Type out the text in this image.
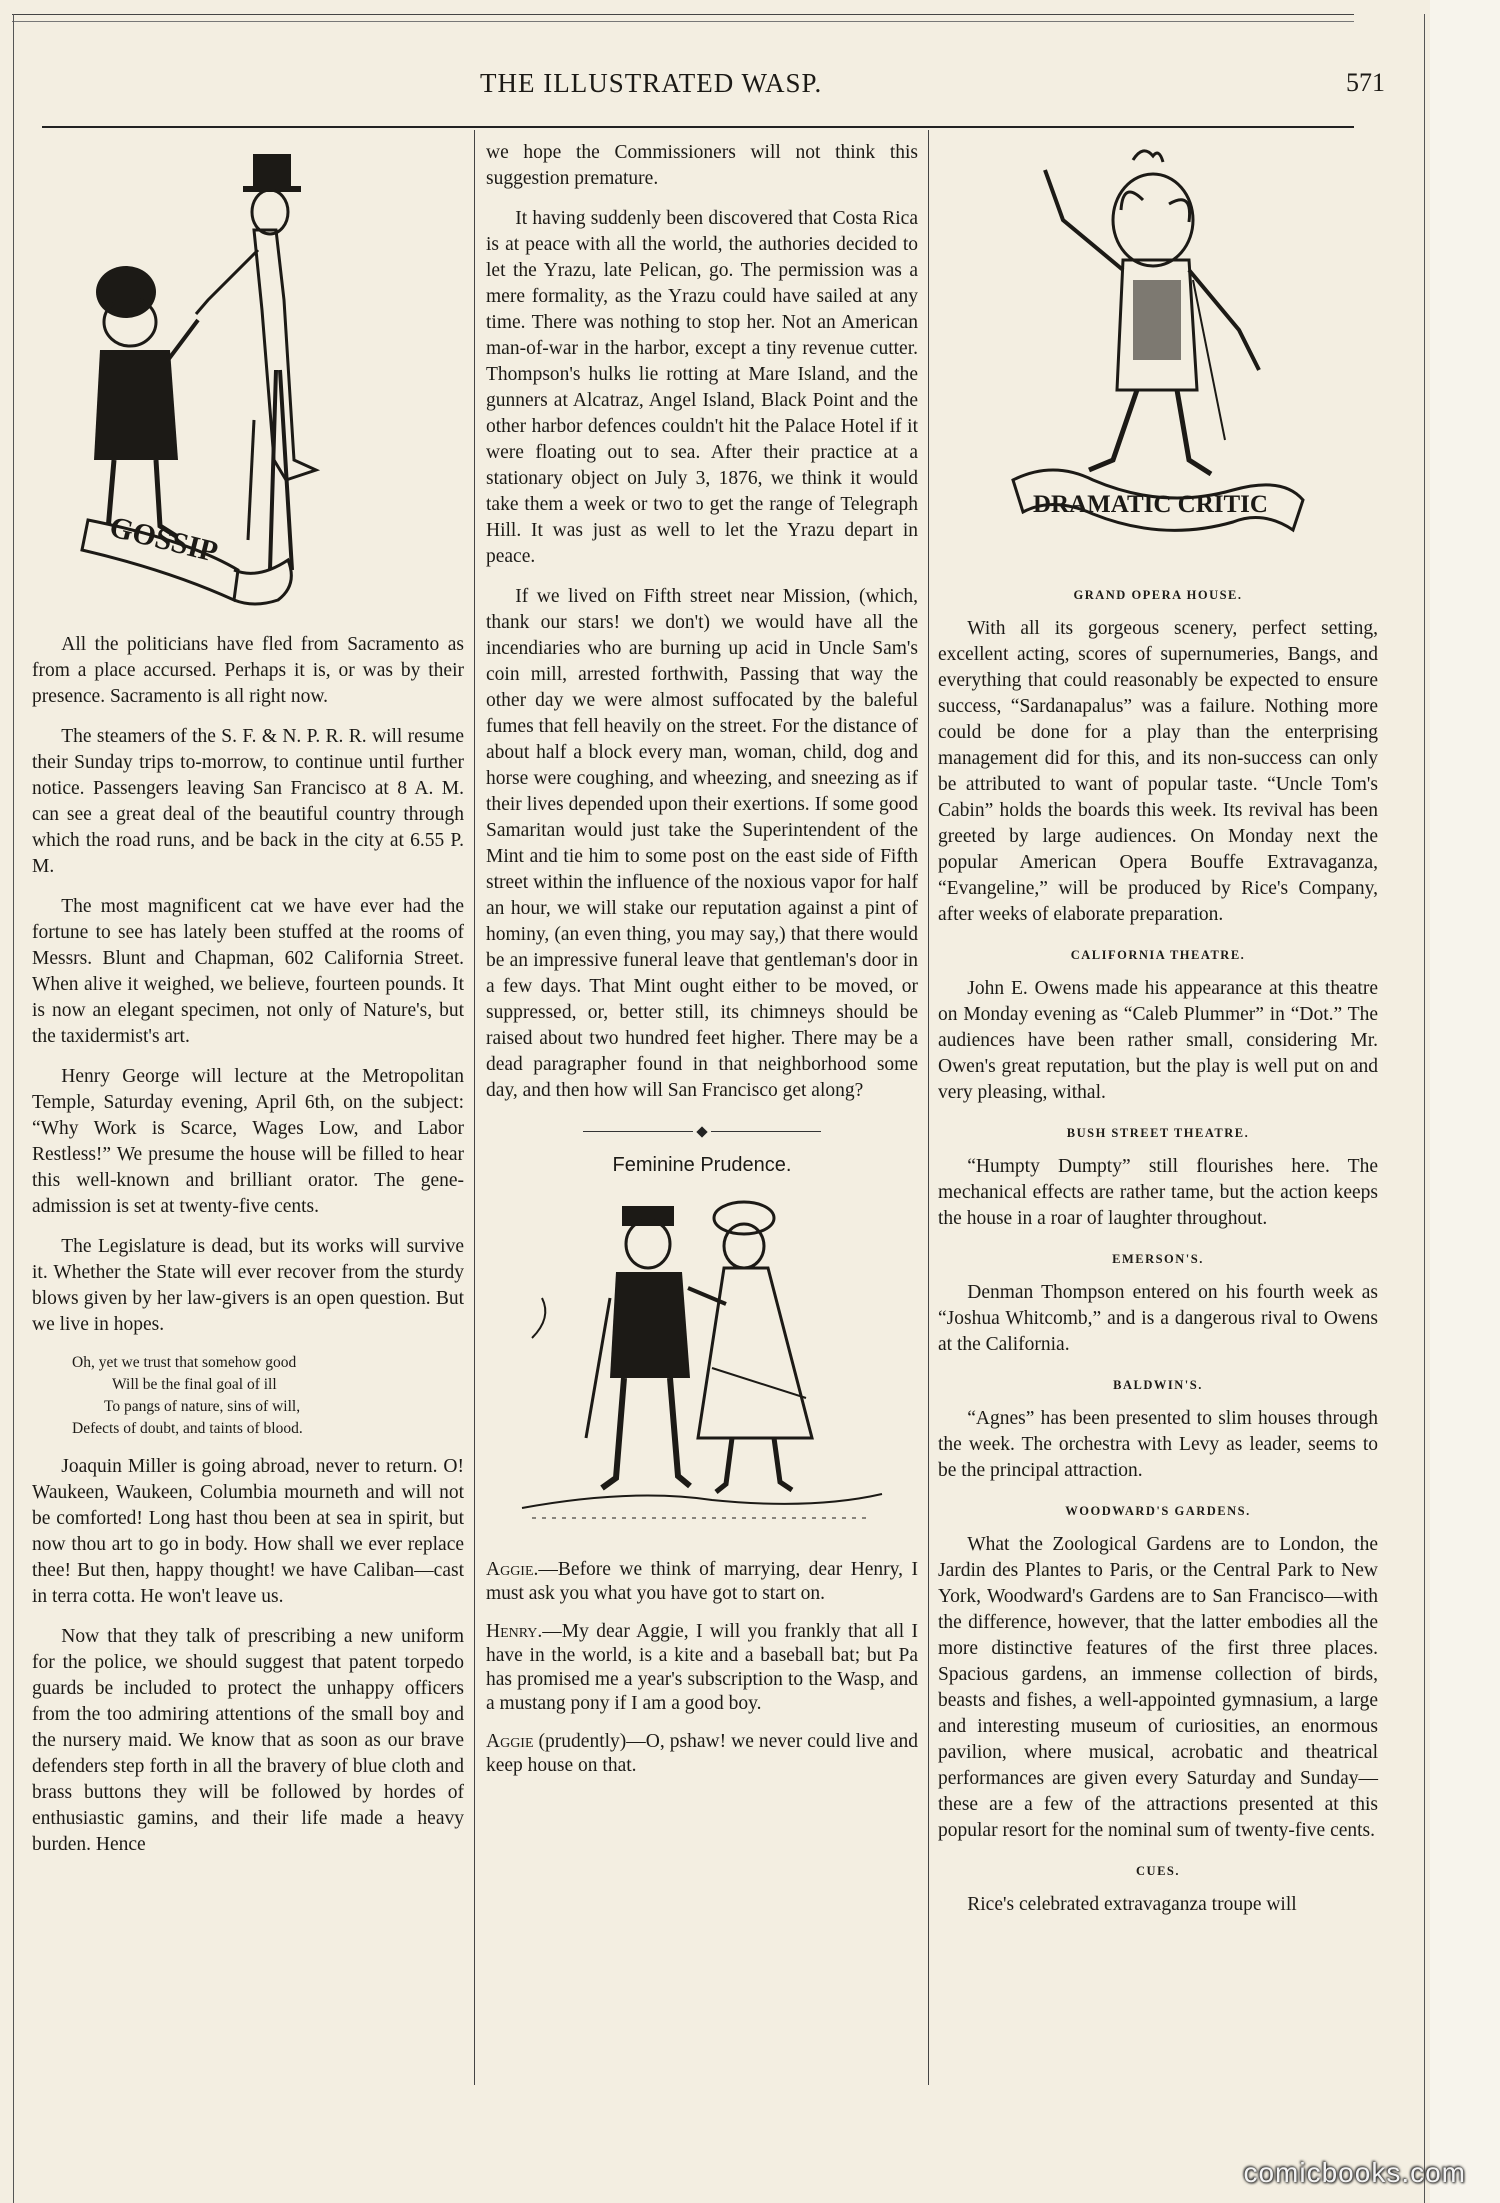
THE ILLUSTRATED WASP.	571
GOSSIP

All the politicians have fled from Sacramento as from a place accursed. Perhaps it is, or was by their presence. Sacramento is all right now.

The steamers of the S. F. & N. P. R. R. will resume their Sunday trips to-morrow, to continue until further notice. Passengers leaving San Francisco at 8 A. M. can see a great deal of the beautiful country through which the road runs, and be back in the city at 6.55 P. M.

The most magnificent cat we have ever had the fortune to see has lately been stuffed at the rooms of Messrs. Blunt and Chapman, 602 California Street. When alive it weighed, we believe, fourteen pounds. It is now an elegant specimen, not only of Nature's, but the taxidermist's art.

Henry George will lecture at the Metropolitan Temple, Saturday evening, April 6th, on the subject: “Why Work is Scarce, Wages Low, and Labor Restless!” We presume the house will be filled to hear this well-known and brilliant orator. The gene-admission is set at twenty-five cents.

The Legislature is dead, but its works will survive it. Whether the State will ever recover from the sturdy blows given by her law-givers is an open question. But we live in hopes.

Oh, yet we trust that somehow good
Will be the final goal of ill
To pangs of nature, sins of will,
Defects of doubt, and taints of blood.

Joaquin Miller is going abroad, never to return. O! Waukeen, Waukeen, Columbia mourneth and will not be comforted! Long hast thou been at sea in spirit, but now thou art to go in body. How shall we ever replace thee! But then, happy thought! we have Caliban—cast in terra cotta. He won't leave us.

Now that they talk of prescribing a new uniform for the police, we should suggest that patent torpedo guards be included to protect the unhappy officers from the too admiring attentions of the small boy and the nursery maid. We know that as soon as our brave defenders step forth in all the bravery of blue cloth and brass buttons they will be followed by hordes of enthusiastic gamins, and their life made a heavy burden. Hence

we hope the Commissioners will not think this suggestion premature.

It having suddenly been discovered that Costa Rica is at peace with all the world, the authories decided to let the Yrazu, late Pelican, go. The permission was a mere formality, as the Yrazu could have sailed at any time. There was nothing to stop her. Not an American man-of-war in the harbor, except a tiny revenue cutter. Thompson's hulks lie rotting at Mare Island, and the gunners at Alcatraz, Angel Island, Black Point and the other harbor defences couldn't hit the Palace Hotel if it were floating out to sea. After their practice at a stationary object on July 3, 1876, we think it would take them a week or two to get the range of Telegraph Hill. It was just as well to let the Yrazu depart in peace.

If we lived on Fifth street near Mission, (which, thank our stars! we don't) we would have all the incendiaries who are burning up acid in Uncle Sam's coin mill, arrested forthwith, Passing that way the other day we were almost suffocated by the baleful fumes that fell heavily on the street. For the distance of about half a block every man, woman, child, dog and horse were coughing, and wheezing, and sneezing as if their lives depended upon their exertions. If some good Samaritan would just take the Superintendent of the Mint and tie him to some post on the east side of Fifth street within the influence of the noxious vapor for half an hour, we will stake our reputation against a pint of hominy, (an even thing, you may say,) that there would be an impressive funeral leave that gentleman's door in a few days. That Mint ought either to be moved, or suppressed, or, better still, its chimneys should be raised about two hundred feet higher. There may be a dead paragrapher found in that neighborhood some day, and then how will San Francisco get along?

Feminine Prudence.

Aggie.—Before we think of marrying, dear Henry, I must ask you what you have got to start on.

Henry.—My dear Aggie, I will you frankly that all I have in the world, is a kite and a baseball bat; but Pa has promised me a year's subscription to the Wasp, and a mustang pony if I am a good boy.

Aggie (prudently)—O, pshaw! we never could live and keep house on that.

DRAMATIC CRITIC
GRAND OPERA HOUSE.

With all its gorgeous scenery, perfect setting, excellent acting, scores of supernumeries, Bangs, and everything that could reasonably be expected to ensure success, “Sardanapalus” was a failure. Nothing more could be done for a play than the enterprising management did for this, and its non-success can only be attributed to want of popular taste. “Uncle Tom's Cabin” holds the boards this week. Its revival has been greeted by large audiences. On Monday next the popular American Opera Bouffe Extravaganza, “Evangeline,” will be produced by Rice's Company, after weeks of elaborate preparation.

CALIFORNIA THEATRE.

John E. Owens made his appearance at this theatre on Monday evening as “Caleb Plummer” in “Dot.” The audiences have been rather small, considering Mr. Owen's great reputation, but the play is well put on and very pleasing, withal.

BUSH STREET THEATRE.

“Humpty Dumpty” still flourishes here. The mechanical effects are rather tame, but the action keeps the house in a roar of laughter throughout.

EMERSON'S.

Denman Thompson entered on his fourth week as “Joshua Whitcomb,” and is a dangerous rival to Owens at the California.

BALDWIN'S.

“Agnes” has been presented to slim houses through the week. The orchestra with Levy as leader, seems to be the principal attraction.

WOODWARD'S GARDENS.

What the Zoological Gardens are to London, the Jardin des Plantes to Paris, or the Central Park to New York, Woodward's Gardens are to San Francisco—with the difference, however, that the latter embodies all the more distinctive features of the first three places. Spacious gardens, an immense collection of birds, beasts and fishes, a well-appointed gymnasium, a large and interesting museum of curiosities, an enormous pavilion, where musical, acrobatic and theatrical performances are given every Saturday and Sunday—these are a few of the attractions presented at this popular resort for the nominal sum of twenty-five cents.

CUES.

Rice's celebrated extravaganza troupe will

comicbooks.com
